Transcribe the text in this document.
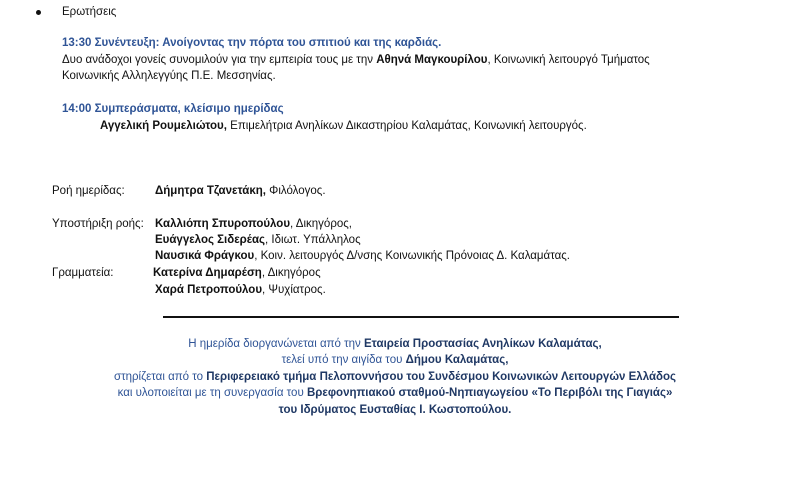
Ερωτήσεις
13:30 Συνέντευξη: Ανοίγοντας την πόρτα του σπιτιού και της καρδιάς.
Δυο ανάδοχοι γονείς συνομιλούν για την εμπειρία τους με την Αθηνά Μαγκουρίλου, Κοινωνική λειτουργό Τμήματος
Κοινωνικής Αλληλεγγύης Π.Ε. Μεσσηνίας.
14:00 Συμπεράσματα, κλείσιμο ημερίδας
Αγγελική Ρουμελιώτου, Επιμελήτρια Ανηλίκων Δικαστηρίου Καλαμάτας, Κοινωνική λειτουργός.
Ροή ημερίδας:	Δήμητρα Τζανετάκη, Φιλόλογος.
Υποστήριξη ροής: Καλλιόπη Σπυροπούλου, Δικηγόρος,
Ευάγγελος Σιδερέας, Ιδιωτ. Υπάλληλος
Ναυσικά Φράγκου, Κοιν. λειτουργός Δ/νσης Κοινωνικής Πρόνοιας Δ. Καλαμάτας.
Γραμματεία:	Κατερίνα Δημαρέση, Δικηγόρος
Χαρά Πετροπούλου, Ψυχίατρος.
Η ημερίδα διοργανώνεται από την Εταιρεία Προστασίας Ανηλίκων Καλαμάτας,
τελεί υπό την αιγίδα του Δήμου Καλαμάτας,
στηρίζεται από το Περιφερειακό τμήμα Πελοποννήσου του Συνδέσμου Κοινωνικών Λειτουργών Ελλάδος
και υλοποιείται με τη συνεργασία του Βρεφονηπιακού σταθμού-Νηπιαγωγείου «Το Περιβόλι της Γιαγιάς»
του Ιδρύματος Ευσταθίας Ι. Κωστοπούλου.
